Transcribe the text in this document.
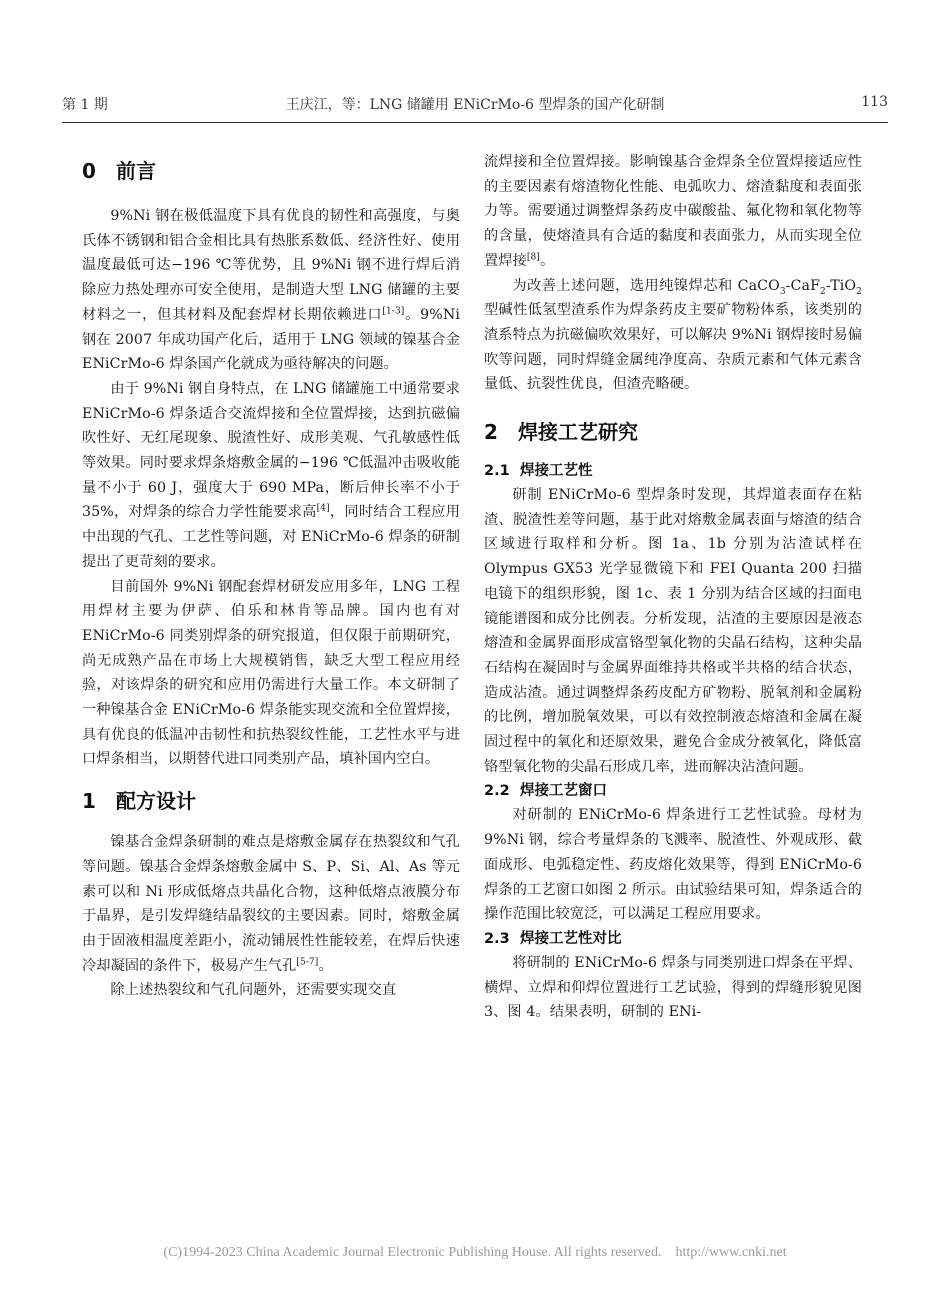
第 1 期	王庆江，等：LNG 储罐用 ENiCrMo-6 型焊条的国产化研制	113
0 前言

9%Ni 钢在极低温度下具有优良的韧性和高强度，与奥氏体不锈钢和铝合金相比具有热胀系数低、经济性好、使用温度最低可达−196 ℃等优势，且 9%Ni 钢不进行焊后消除应力热处理亦可安全使用，是制造大型 LNG 储罐的主要材料之一，但其材料及配套焊材长期依赖进口[1-3]。9%Ni 钢在 2007 年成功国产化后，适用于 LNG 领域的镍基合金 ENiCrMo-6 焊条国产化就成为亟待解决的问题。

由于 9%Ni 钢自身特点，在 LNG 储罐施工中通常要求 ENiCrMo-6 焊条适合交流焊接和全位置焊接，达到抗磁偏吹性好、无红尾现象、脱渣性好、成形美观、气孔敏感性低等效果。同时要求焊条熔敷金属的−196 ℃低温冲击吸收能量不小于 60 J，强度大于 690 MPa，断后伸长率不小于 35%，对焊条的综合力学性能要求高[4]，同时结合工程应用中出现的气孔、工艺性等问题，对 ENiCrMo-6 焊条的研制提出了更苛刻的要求。

目前国外 9%Ni 钢配套焊材研发应用多年，LNG 工程用焊材主要为伊萨、伯乐和林肯等品牌。国内也有对 ENiCrMo-6 同类别焊条的研究报道，但仅限于前期研究，尚无成熟产品在市场上大规模销售，缺乏大型工程应用经验，对该焊条的研究和应用仍需进行大量工作。本文研制了一种镍基合金 ENiCrMo-6 焊条能实现交流和全位置焊接，具有优良的低温冲击韧性和抗热裂纹性能，工艺性水平与进口焊条相当，以期替代进口同类别产品，填补国内空白。

1 配方设计

镍基合金焊条研制的难点是熔敷金属存在热裂纹和气孔等问题。镍基合金焊条熔敷金属中 S、P、Si、Al、As 等元素可以和 Ni 形成低熔点共晶化合物，这种低熔点液膜分布于晶界，是引发焊缝结晶裂纹的主要因素。同时，熔敷金属由于固液相温度差距小，流动铺展性性能较差，在焊后快速冷却凝固的条件下，极易产生气孔[5-7]。

除上述热裂纹和气孔问题外，还需要实现交直

流焊接和全位置焊接。影响镍基合金焊条全位置焊接适应性的主要因素有熔渣物化性能、电弧吹力、熔渣黏度和表面张力等。需要通过调整焊条药皮中碳酸盐、氟化物和氧化物等的含量，使熔渣具有合适的黏度和表面张力，从而实现全位置焊接[8]。

为改善上述问题，选用纯镍焊芯和 CaCO$_3$-CaF$_2$-TiO$_2$ 型碱性低氢型渣系作为焊条药皮主要矿物粉体系，该类别的渣系特点为抗磁偏吹效果好，可以解决 9%Ni 钢焊接时易偏吹等问题，同时焊缝金属纯净度高、杂质元素和气体元素含量低、抗裂性优良，但渣壳略硬。

2 焊接工艺研究
2.1 焊接工艺性

研制 ENiCrMo-6 型焊条时发现，其焊道表面存在粘渣、脱渣性差等问题，基于此对熔敷金属表面与熔渣的结合区域进行取样和分析。图 1a、1b 分别为沾渣试样在 Olympus GX53 光学显微镜下和 FEI Quanta 200 扫描电镜下的组织形貌，图 1c、表 1 分别为结合区域的扫面电镜能谱图和成分比例表。分析发现，沾渣的主要原因是液态熔渣和金属界面形成富铬型氧化物的尖晶石结构，这种尖晶石结构在凝固时与金属界面维持共格或半共格的结合状态，造成沾渣。通过调整焊条药皮配方矿物粉、脱氧剂和金属粉的比例，增加脱氧效果，可以有效控制液态熔渣和金属在凝固过程中的氧化和还原效果，避免合金成分被氧化，降低富铬型氧化物的尖晶石形成几率，进而解决沾渣问题。

2.2 焊接工艺窗口

对研制的 ENiCrMo-6 焊条进行工艺性试验。母材为 9%Ni 钢，综合考量焊条的飞溅率、脱渣性、外观成形、截面成形、电弧稳定性、药皮熔化效果等，得到 ENiCrMo-6 焊条的工艺窗口如图 2 所示。由试验结果可知，焊条适合的操作范围比较宽泛，可以满足工程应用要求。

2.3 焊接工艺性对比

将研制的 ENiCrMo-6 焊条与同类别进口焊条在平焊、横焊、立焊和仰焊位置进行工艺试验，得到的焊缝形貌见图 3、图 4。结果表明，研制的 ENi-

(C)1994-2023 China Academic Journal Electronic Publishing House. All rights reserved. http://www.cnki.net
